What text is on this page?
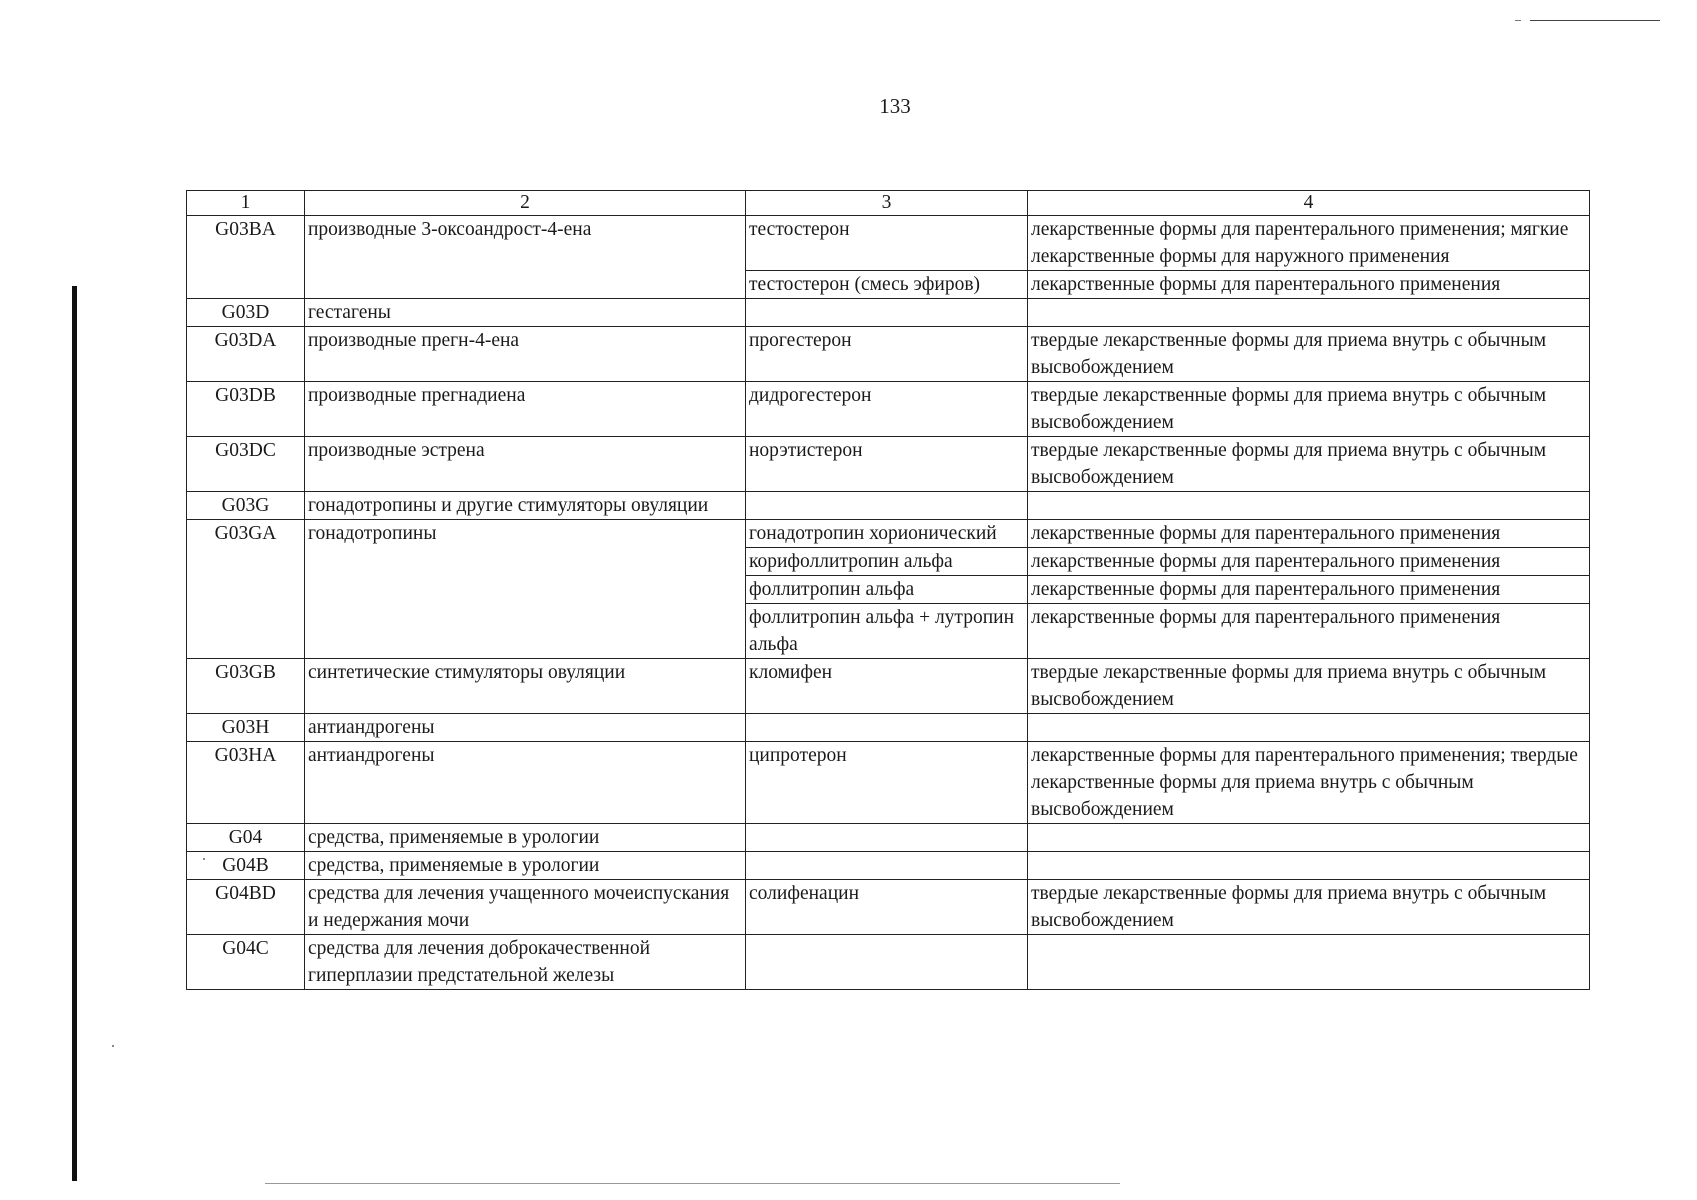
133
1	2	3	4
G03BA	производные 3-оксоандрост-4-ена	тестостерон	лекарственные формы для парентерального применения; мягкие лекарственные формы для наружного применения
		тестостерон (смесь эфиров)	лекарственные формы для парентерального применения
G03D	гестагены		
G03DA	производные прегн-4-ена	прогестерон	твердые лекарственные формы для приема внутрь с обычным высвобождением
G03DB	производные прегнадиена	дидрогестерон	твердые лекарственные формы для приема внутрь с обычным высвобождением
G03DC	производные эстрена	норэтистерон	твердые лекарственные формы для приема внутрь с обычным высвобождением
G03G	гонадотропины и другие стимуляторы овуляции		
G03GA	гонадотропины	гонадотропин хорионический	лекарственные формы для парентерального применения
		корифоллитропин альфа	лекарственные формы для парентерального применения
		фоллитропин альфа	лекарственные формы для парентерального применения
		фоллитропин альфа + лутропин альфа	лекарственные формы для парентерального применения
G03GB	синтетические стимуляторы овуляции	кломифен	твердые лекарственные формы для приема внутрь с обычным высвобождением
G03H	антиандрогены		
G03HA	антиандрогены	ципротерон	лекарственные формы для парентерального применения; твердые лекарственные формы для приема внутрь с обычным высвобождением
G04	средства, применяемые в урологии		
G04B	средства, применяемые в урологии		
G04BD	средства для лечения учащенного мочеиспускания и недержания мочи	солифенацин	твердые лекарственные формы для приема внутрь с обычным высвобождением
G04C	средства для лечения доброкачественной гиперплазии предстательной железы		
